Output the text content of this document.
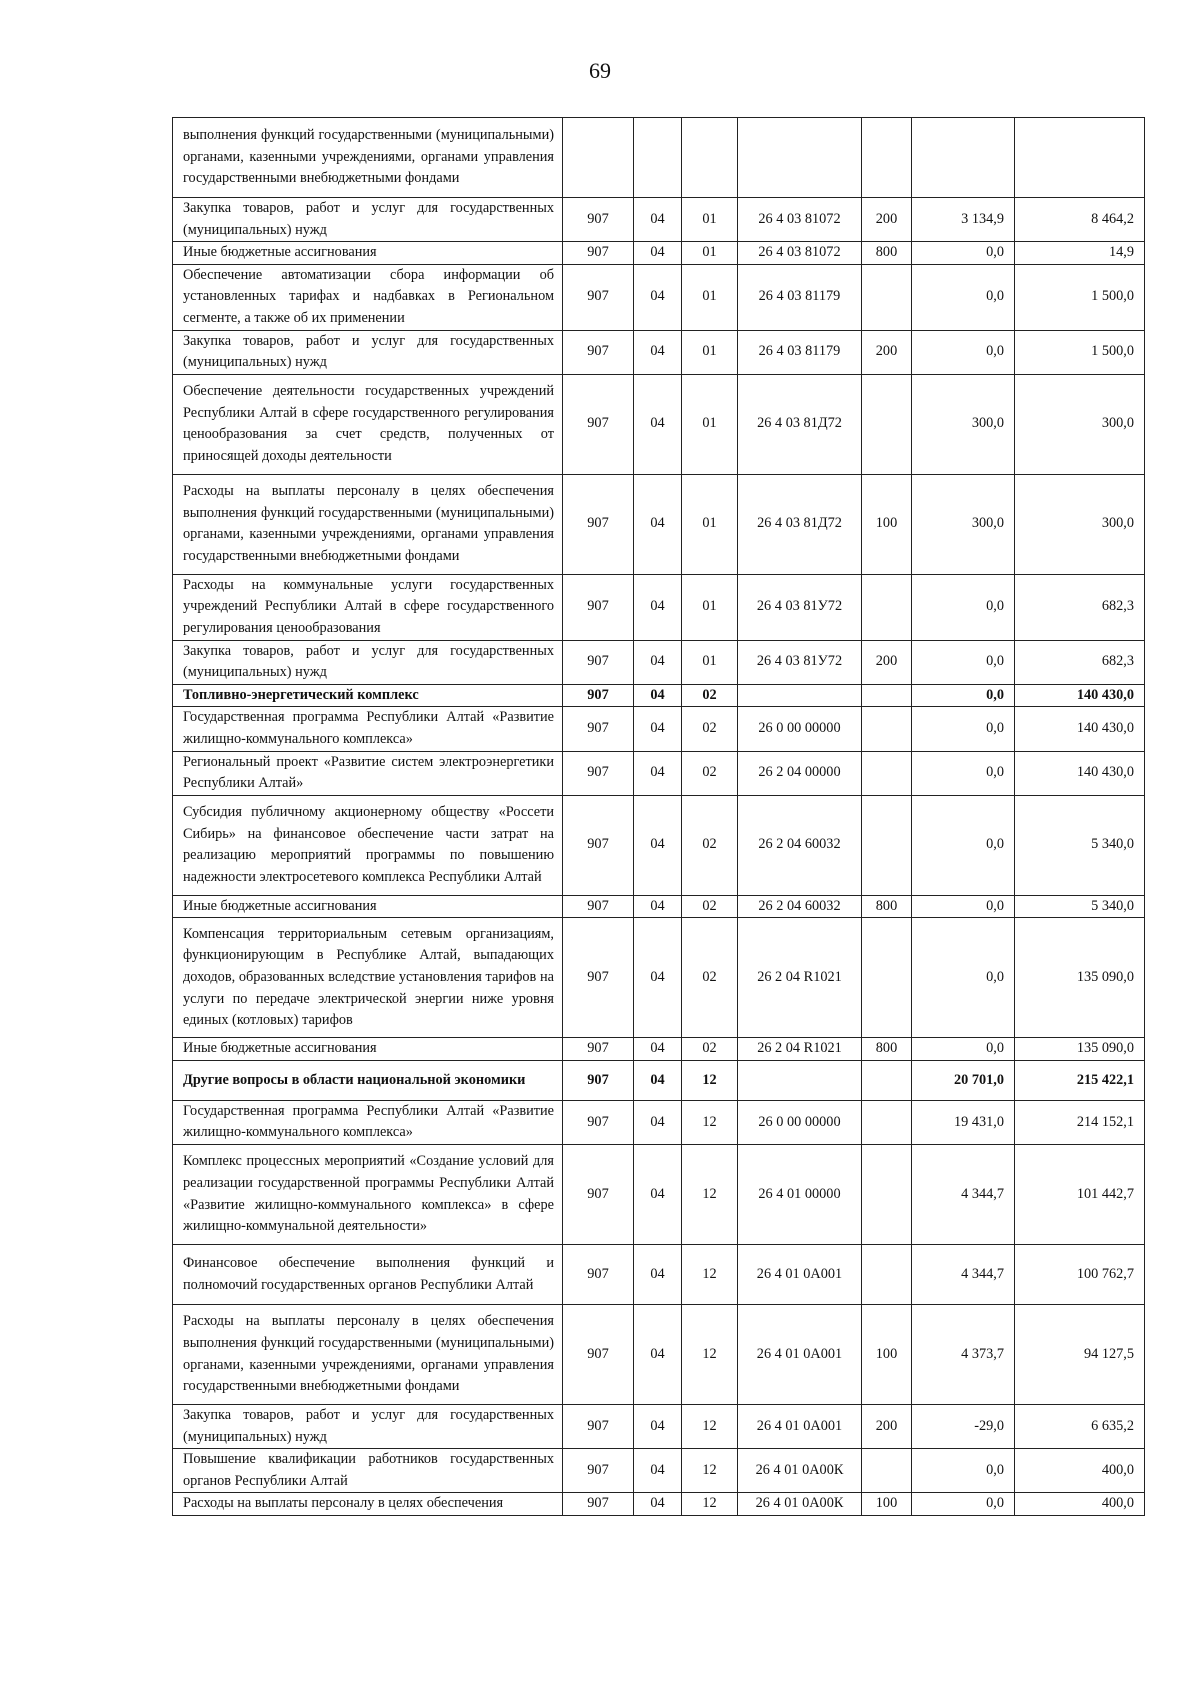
69
выполнения функций государственными (муниципальными) органами, казенными учреждениями, органами управления государственными внебюджетными фондами							
Закупка товаров, работ и услуг для государственных (муниципальных) нужд	907	04	01	26 4 03 81072	200	3 134,9	8 464,2
Иные бюджетные ассигнования	907	04	01	26 4 03 81072	800	0,0	14,9
Обеспечение автоматизации сбора информации об установленных тарифах и надбавках в Региональном сегменте, а также об их применении	907	04	01	26 4 03 81179		0,0	1 500,0
Закупка товаров, работ и услуг для государственных (муниципальных) нужд	907	04	01	26 4 03 81179	200	0,0	1 500,0
Обеспечение деятельности государственных учреждений Республики Алтай в сфере государственного регулирования ценообразования за счет средств, полученных от приносящей доходы деятельности	907	04	01	26 4 03 81Д72		300,0	300,0
Расходы на выплаты персоналу в целях обеспечения выполнения функций государственными (муниципальными) органами, казенными учреждениями, органами управления государственными внебюджетными фондами	907	04	01	26 4 03 81Д72	100	300,0	300,0
Расходы на коммунальные услуги государственных учреждений Республики Алтай в сфере государственного регулирования ценообразования	907	04	01	26 4 03 81У72		0,0	682,3
Закупка товаров, работ и услуг для государственных (муниципальных) нужд	907	04	01	26 4 03 81У72	200	0,0	682,3
Топливно-энергетический комплекс	907	04	02			0,0	140 430,0
Государственная программа Республики Алтай «Развитие жилищно-коммунального комплекса»	907	04	02	26 0 00 00000		0,0	140 430,0
Региональный проект «Развитие систем электроэнергетики Республики Алтай»	907	04	02	26 2 04 00000		0,0	140 430,0
Субсидия публичному акционерному обществу «Россети Сибирь» на финансовое обеспечение части затрат на реализацию мероприятий программы по повышению надежности электросетевого комплекса Республики Алтай	907	04	02	26 2 04 60032		0,0	5 340,0
Иные бюджетные ассигнования	907	04	02	26 2 04 60032	800	0,0	5 340,0
Компенсация территориальным сетевым организациям, функционирующим в Республике Алтай, выпадающих доходов, образованных вследствие установления тарифов на услуги по передаче электрической энергии ниже уровня единых (котловых) тарифов	907	04	02	26 2 04 R1021		0,0	135 090,0
Иные бюджетные ассигнования	907	04	02	26 2 04 R1021	800	0,0	135 090,0
Другие вопросы в области национальной экономики	907	04	12			20 701,0	215 422,1
Государственная программа Республики Алтай «Развитие жилищно-коммунального комплекса»	907	04	12	26 0 00 00000		19 431,0	214 152,1
Комплекс процессных мероприятий «Создание условий для реализации государственной программы Республики Алтай «Развитие жилищно-коммунального комплекса» в сфере жилищно-коммунальной деятельности»	907	04	12	26 4 01 00000		4 344,7	101 442,7
Финансовое обеспечение выполнения функций и полномочий государственных органов Республики Алтай	907	04	12	26 4 01 0А001		4 344,7	100 762,7
Расходы на выплаты персоналу в целях обеспечения выполнения функций государственными (муниципальными) органами, казенными учреждениями, органами управления государственными внебюджетными фондами	907	04	12	26 4 01 0А001	100	4 373,7	94 127,5
Закупка товаров, работ и услуг для государственных (муниципальных) нужд	907	04	12	26 4 01 0А001	200	-29,0	6 635,2
Повышение квалификации работников государственных органов Республики Алтай	907	04	12	26 4 01 0А00К		0,0	400,0
Расходы на выплаты персоналу в целях обеспечения	907	04	12	26 4 01 0А00К	100	0,0	400,0
